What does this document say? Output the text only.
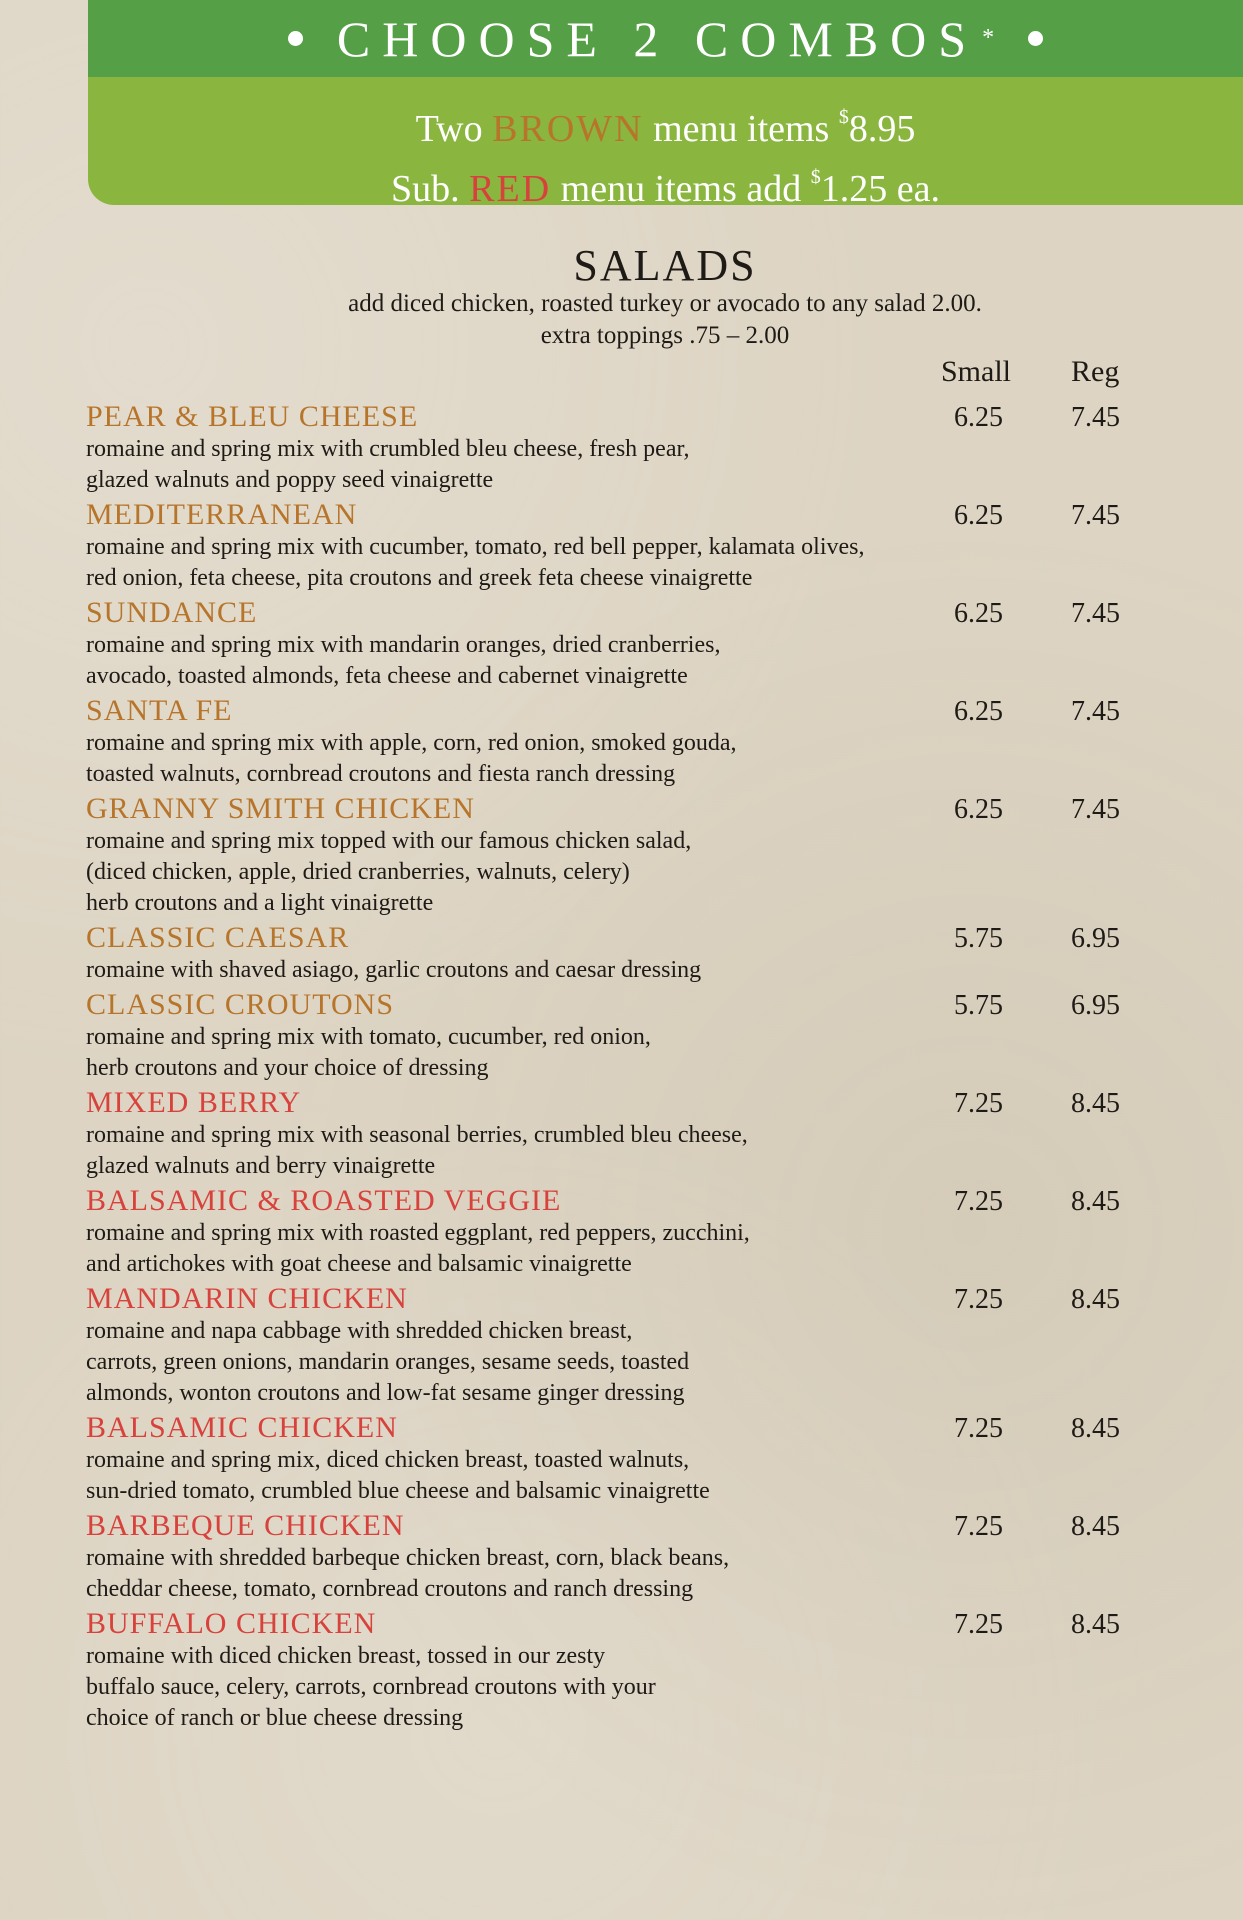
CHOOSE 2 COMBOS *
Two BROWN menu items $8.95
Sub. RED menu items add $1.25 ea.
SALADS
add diced chicken, roasted turkey or avocado to any salad 2.00.
extra toppings .75 – 2.00
Small Reg
PEAR & BLEU CHEESE
romaine and spring mix with crumbled bleu cheese, fresh pear,
glazed walnuts and poppy seed vinaigrette
6.25 7.45
MEDITERRANEAN
romaine and spring mix with cucumber, tomato, red bell pepper, kalamata olives,
red onion, feta cheese, pita croutons and greek feta cheese vinaigrette
6.25 7.45
SUNDANCE
romaine and spring mix with mandarin oranges, dried cranberries,
avocado, toasted almonds, feta cheese and cabernet vinaigrette
6.25 7.45
SANTA FE
romaine and spring mix with apple, corn, red onion, smoked gouda,
toasted walnuts, cornbread croutons and fiesta ranch dressing
6.25 7.45
GRANNY SMITH CHICKEN
romaine and spring mix topped with our famous chicken salad,
(diced chicken, apple, dried cranberries, walnuts, celery)
herb croutons and a light vinaigrette
6.25 7.45
CLASSIC CAESAR
romaine with shaved asiago, garlic croutons and caesar dressing
5.75 6.95
CLASSIC CROUTONS
romaine and spring mix with tomato, cucumber, red onion,
herb croutons and your choice of dressing
5.75 6.95
MIXED BERRY
romaine and spring mix with seasonal berries, crumbled bleu cheese,
glazed walnuts and berry vinaigrette
7.25 8.45
BALSAMIC & ROASTED VEGGIE
romaine and spring mix with roasted eggplant, red peppers, zucchini,
and artichokes with goat cheese and balsamic vinaigrette
7.25 8.45
MANDARIN CHICKEN
romaine and napa cabbage with shredded chicken breast,
carrots, green onions, mandarin oranges, sesame seeds, toasted
almonds, wonton croutons and low-fat sesame ginger dressing
7.25 8.45
BALSAMIC CHICKEN
romaine and spring mix, diced chicken breast, toasted walnuts,
sun-dried tomato, crumbled blue cheese and balsamic vinaigrette
7.25 8.45
BARBEQUE CHICKEN
romaine with shredded barbeque chicken breast, corn, black beans,
cheddar cheese, tomato, cornbread croutons and ranch dressing
7.25 8.45
BUFFALO CHICKEN
romaine with diced chicken breast, tossed in our zesty
buffalo sauce, celery, carrots, cornbread croutons with your
choice of ranch or blue cheese dressing
7.25 8.45
